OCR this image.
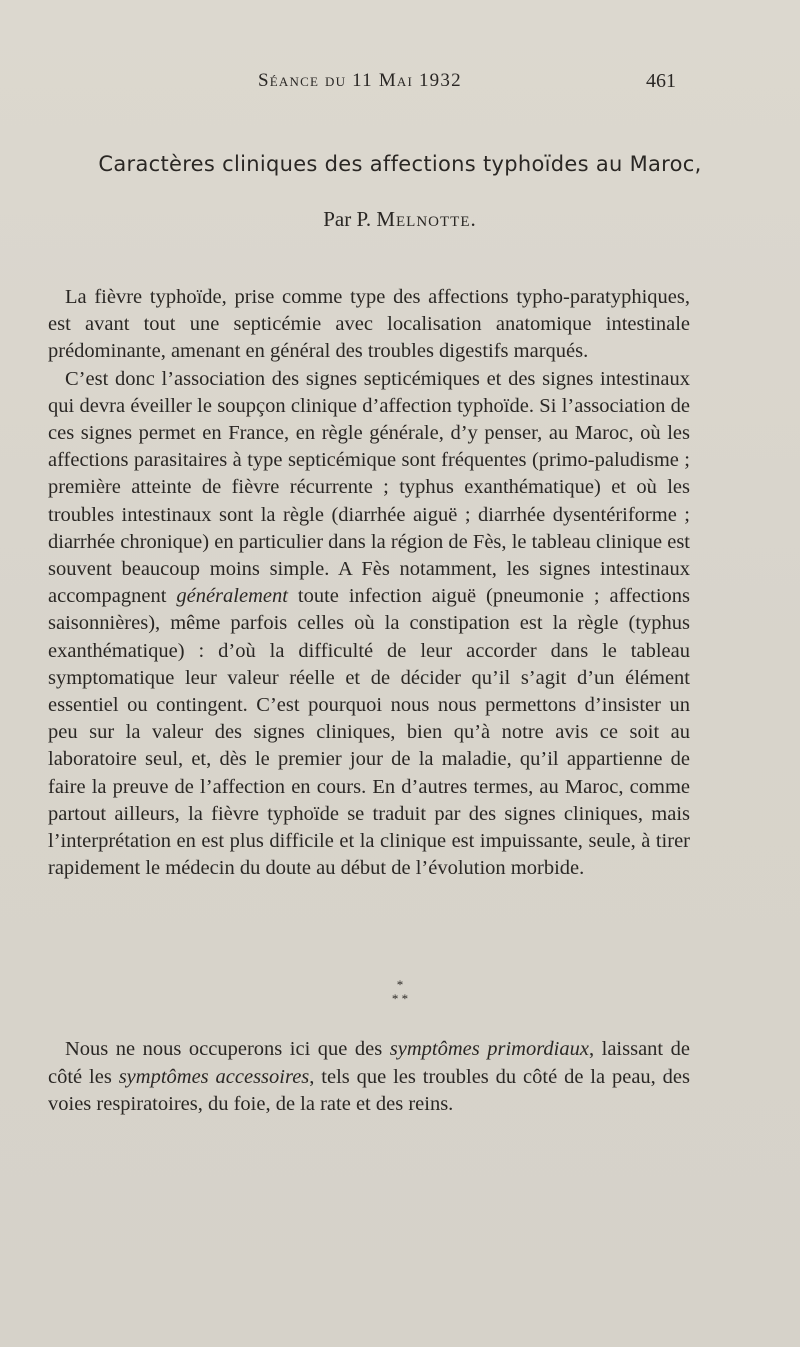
Séance du 11 Mai 1932	461
Caractères cliniques des affections typhoïdes au Maroc,
Par P. Melnotte.

La fièvre typhoïde, prise comme type des affections typho-paratyphiques, est avant tout une septicémie avec localisation anatomique intestinale prédominante, amenant en général des troubles digestifs marqués.

C’est donc l’association des signes septicémiques et des signes intestinaux qui devra éveiller le soupçon clinique d’affection typhoïde. Si l’association de ces signes permet en France, en règle générale, d’y penser, au Maroc, où les affections parasitaires à type septicémique sont fréquentes (primo-paludisme ; première atteinte de fièvre récurrente ; typhus exanthématique) et où les troubles intestinaux sont la règle (diarrhée aiguë ; diarrhée dysentériforme ; diarrhée chronique) en particulier dans la région de Fès, le tableau clinique est souvent beaucoup moins simple. A Fès notamment, les signes intestinaux accompagnent généralement toute infection aiguë (pneumonie ; affections saisonnières), même parfois celles où la constipation est la règle (typhus exanthématique) : d’où la difficulté de leur accorder dans le tableau symptomatique leur valeur réelle et de décider qu’il s’agit d’un élément essentiel ou contingent. C’est pourquoi nous nous permettons d’insister un peu sur la valeur des signes cliniques, bien qu’à notre avis ce soit au laboratoire seul, et, dès le premier jour de la maladie, qu’il appartienne de faire la preuve de l’affection en cours. En d’autres termes, au Maroc, comme partout ailleurs, la fièvre typhoïde se traduit par des signes cliniques, mais l’interprétation en est plus difficile et la clinique est impuissante, seule, à tirer rapidement le médecin du doute au début de l’évolution morbide.

*
* *

Nous ne nous occuperons ici que des symptômes primordiaux, laissant de côté les symptômes accessoires, tels que les troubles du côté de la peau, des voies respiratoires, du foie, de la rate et des reins.
